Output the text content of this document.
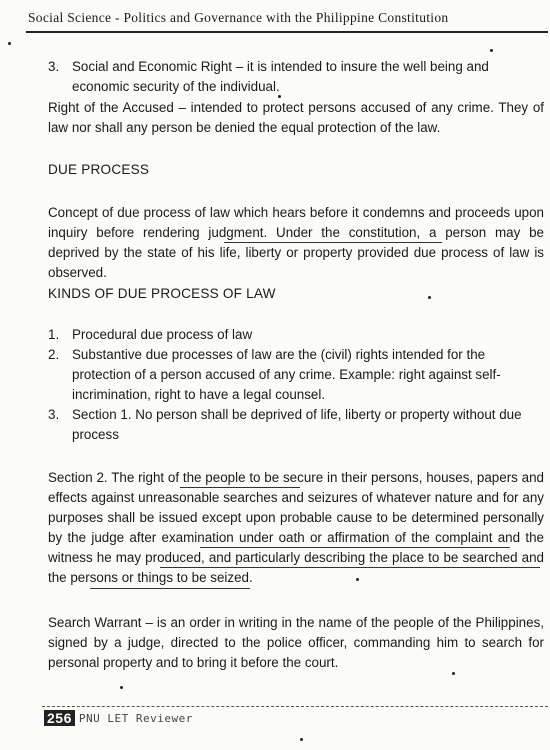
Social Science - Politics and Governance with the Philippine Constitution
3. Social and Economic Right – it is intended to insure the well being and economic security of the individual.
Right of the Accused – intended to protect persons accused of any crime. They of law nor shall any person be denied the equal protection of the law.
DUE PROCESS
Concept of due process of law which hears before it condemns and proceeds upon inquiry before rendering judgment. Under the constitution, a person may be deprived by the state of his life, liberty or property provided due process of law is observed.
KINDS OF DUE PROCESS OF LAW
1. Procedural due process of law
2. Substantive due processes of law are the (civil) rights intended for the protection of a person accused of any crime. Example: right against self-incrimination, right to have a legal counsel.
3. Section 1. No person shall be deprived of life, liberty or property without due process
Section 2. The right of the people to be secure in their persons, houses, papers and effects against unreasonable searches and seizures of whatever nature and for any purposes shall be issued except upon probable cause to be determined personally by the judge after examination under oath or affirmation of the complaint and the witness he may produced, and particularly describing the place to be searched and the persons or things to be seized.
Search Warrant – is an order in writing in the name of the people of the Philippines, signed by a judge, directed to the police officer, commanding him to search for personal property and to bring it before the court.
256 PNU LET Reviewer
